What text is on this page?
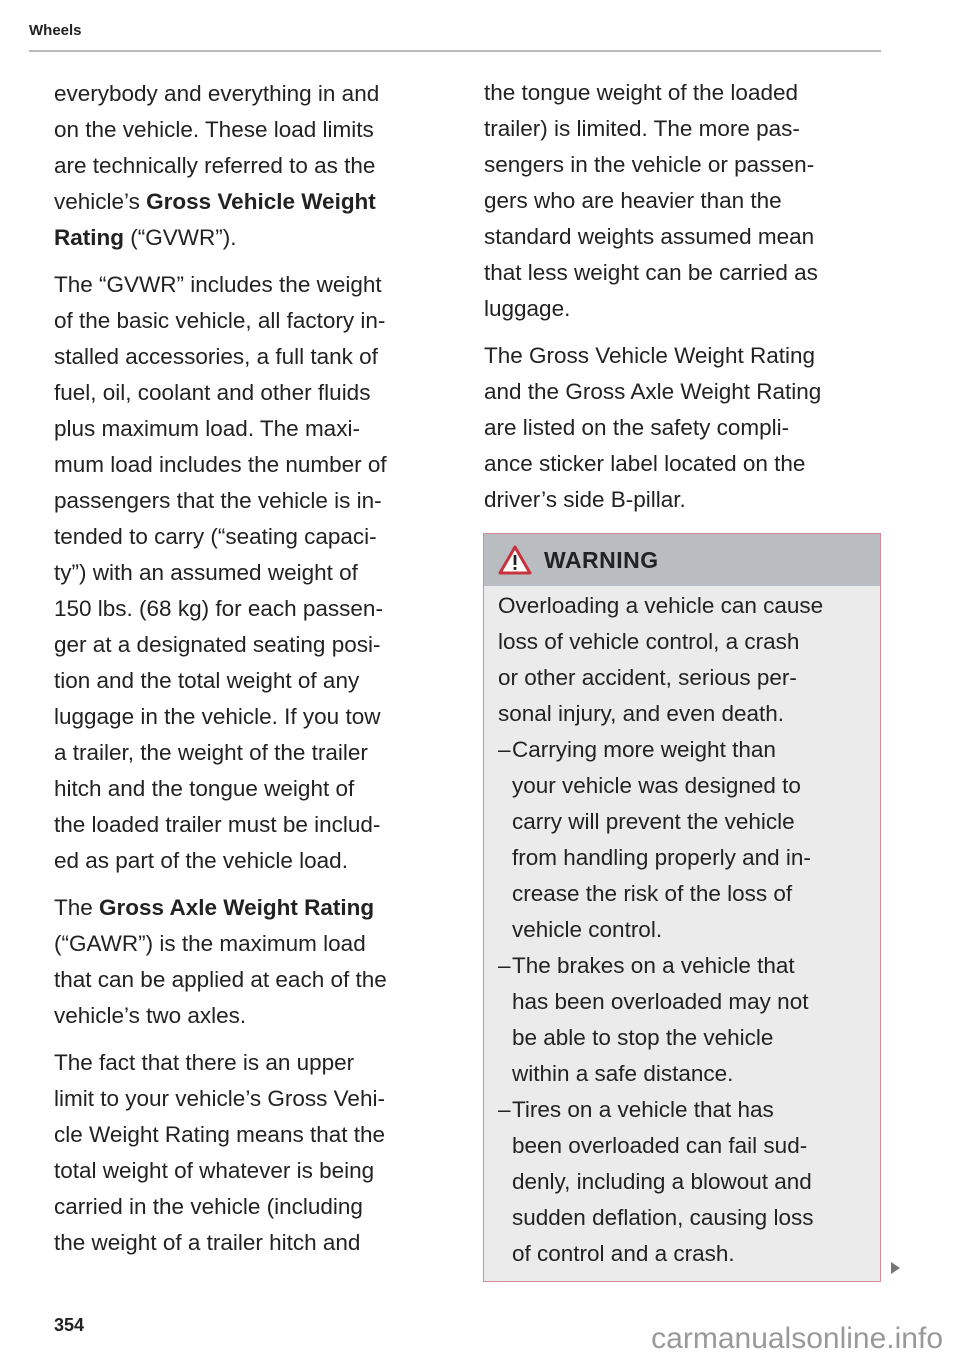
Wheels
everybody and everything in and
on the vehicle. These load limits
are technically referred to as the
vehicle’s Gross Vehicle Weight
Rating (“GVWR”).
The “GVWR” includes the weight
of the basic vehicle, all factory in-
stalled accessories, a full tank of
fuel, oil, coolant and other fluids
plus maximum load. The maxi-
mum load includes the number of
passengers that the vehicle is in-
tended to carry (“seating capaci-
ty”) with an assumed weight of
150 lbs. (68 kg) for each passen-
ger at a designated seating posi-
tion and the total weight of any
luggage in the vehicle. If you tow
a trailer, the weight of the trailer
hitch and the tongue weight of
the loaded trailer must be includ-
ed as part of the vehicle load.
The Gross Axle Weight Rating
(“GAWR”) is the maximum load
that can be applied at each of the
vehicle’s two axles.
The fact that there is an upper
limit to your vehicle’s Gross Vehi-
cle Weight Rating means that the
total weight of whatever is being
carried in the vehicle (including
the weight of a trailer hitch and
the tongue weight of the loaded
trailer) is limited. The more pas-
sengers in the vehicle or passen-
gers who are heavier than the
standard weights assumed mean
that less weight can be carried as
luggage.
The Gross Vehicle Weight Rating
and the Gross Axle Weight Rating
are listed on the safety compli-
ance sticker label located on the
driver’s side B-pillar.
WARNING
Overloading a vehicle can cause
loss of vehicle control, a crash
or other accident, serious per-
sonal injury, and even death.
– Carrying more weight than
your vehicle was designed to
carry will prevent the vehicle
from handling properly and in-
crease the risk of the loss of
vehicle control.
– The brakes on a vehicle that
has been overloaded may not
be able to stop the vehicle
within a safe distance.
– Tires on a vehicle that has
been overloaded can fail sud-
denly, including a blowout and
sudden deflation, causing loss
of control and a crash.
354	carmanualsonline.info
